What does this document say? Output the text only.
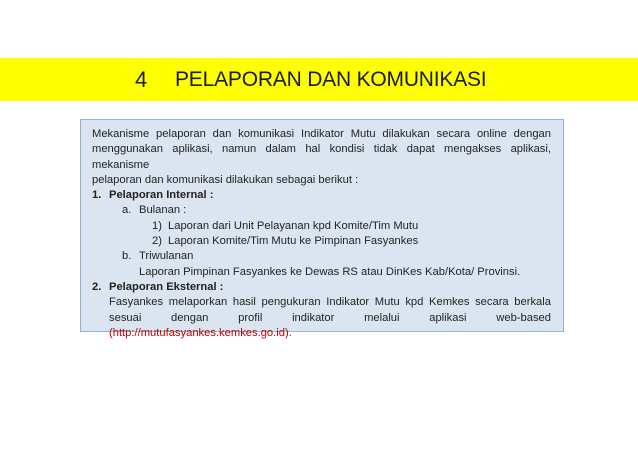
4 PELAPORAN DAN KOMUNIKASI
Mekanisme pelaporan dan komunikasi Indikator Mutu dilakukan secara online dengan
menggunakan aplikasi, namun dalam hal kondisi tidak dapat mengakses aplikasi, mekanisme
pelaporan dan komunikasi dilakukan sebagai berikut :
1. Pelaporan Internal :
a. Bulanan :
1) Laporan dari Unit Pelayanan kpd Komite/Tim Mutu
2) Laporan Komite/Tim Mutu ke Pimpinan Fasyankes
b. Triwulanan
Laporan Pimpinan Fasyankes ke Dewas RS atau DinKes Kab/Kota/ Provinsi.
2. Pelaporan Eksternal :
Fasyankes melaporkan hasil pengukuran Indikator Mutu kpd Kemkes secara berkala
sesuai dengan profil indikator melalui aplikasi web-based
(http://mutufasyankes.kemkes.go.id).
